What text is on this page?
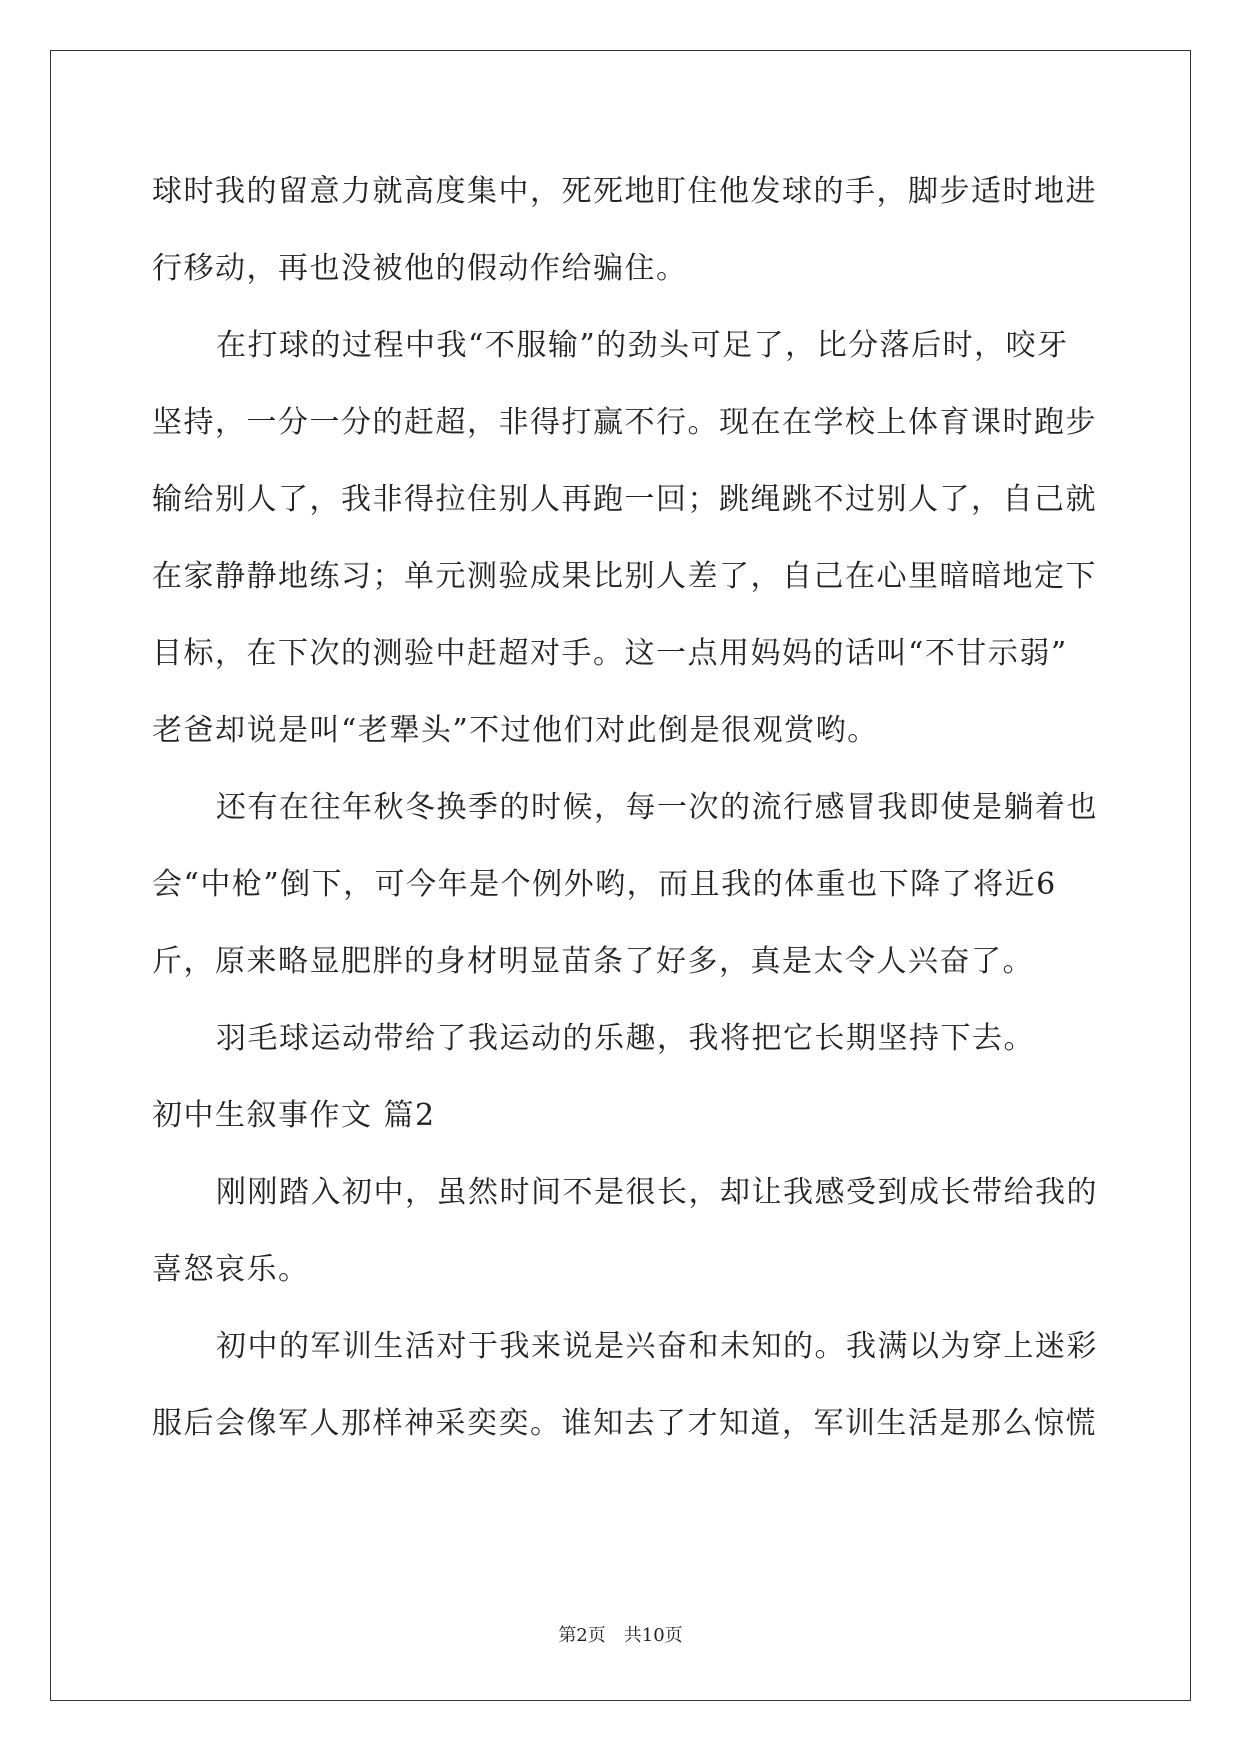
球时我的留意力就高度集中，死死地盯住他发球的手，脚步适时地进
行移动，再也没被他的假动作给骗住。
在打球的过程中我“不服输”的劲头可足了，比分落后时，咬牙
坚持，一分一分的赶超，非得打赢不行。现在在学校上体育课时跑步
输给别人了，我非得拉住别人再跑一回；跳绳跳不过别人了，自己就
在家静静地练习；单元测验成果比别人差了，自己在心里暗暗地定下
目标，在下次的测验中赶超对手。这一点用妈妈的话叫“不甘示弱”
老爸却说是叫“老犟头”不过他们对此倒是很观赏哟。
还有在往年秋冬换季的时候，每一次的流行感冒我即使是躺着也
会“中枪”倒下，可今年是个例外哟，而且我的体重也下降了将近6
斤，原来略显肥胖的身材明显苗条了好多，真是太令人兴奋了。
羽毛球运动带给了我运动的乐趣，我将把它长期坚持下去。
初中生叙事作文 篇2
刚刚踏入初中，虽然时间不是很长，却让我感受到成长带给我的
喜怒哀乐。
初中的军训生活对于我来说是兴奋和未知的。我满以为穿上迷彩
服后会像军人那样神采奕奕。谁知去了才知道，军训生活是那么惊慌
第2页　共10页
